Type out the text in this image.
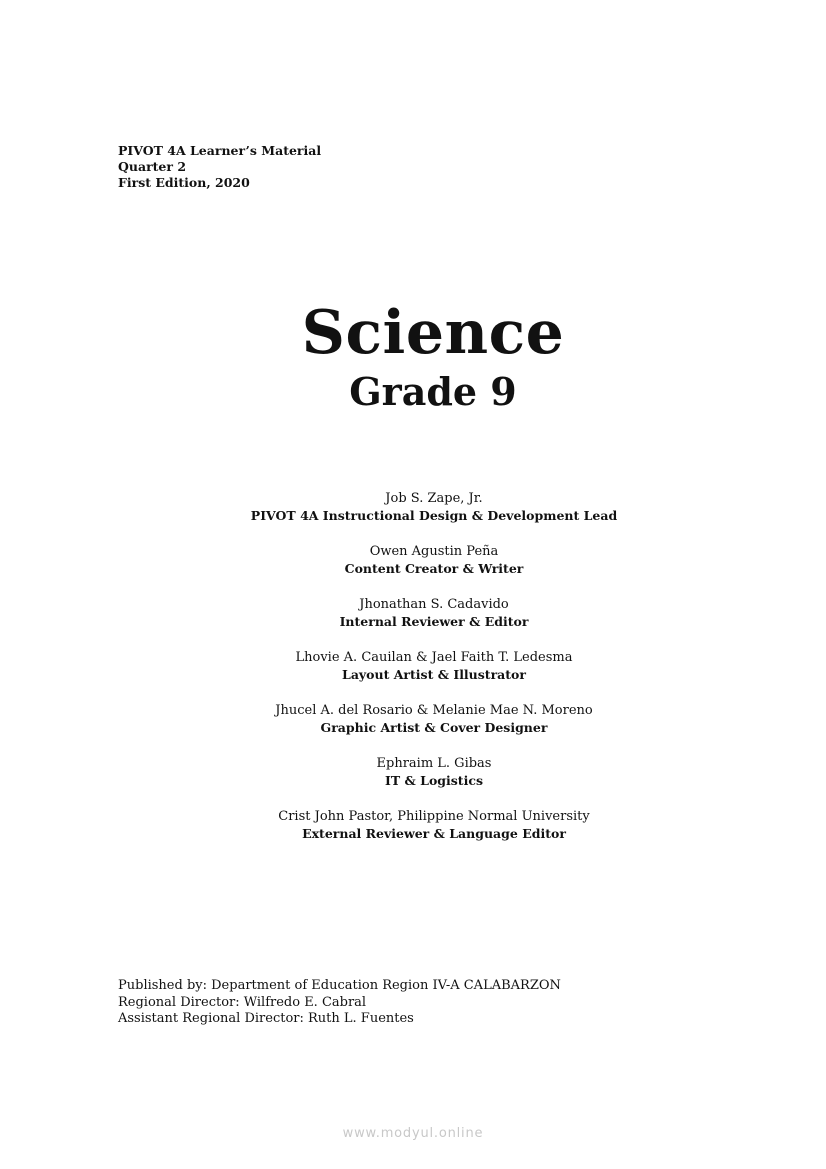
PIVOT 4A Learner’s Material
Quarter 2
First Edition, 2020
Science
Grade 9
Job S. Zape, Jr.
PIVOT 4A Instructional Design & Development Lead
Owen Agustin Peña
Content Creator & Writer
Jhonathan S. Cadavido
Internal Reviewer & Editor
Lhovie A. Cauilan & Jael Faith T. Ledesma
Layout Artist & Illustrator
Jhucel A. del Rosario & Melanie Mae N. Moreno
Graphic Artist & Cover Designer
Ephraim L. Gibas
IT & Logistics
Crist John Pastor, Philippine Normal University
External Reviewer & Language Editor
Published by: Department of Education Region IV-A CALABARZON
Regional Director: Wilfredo E. Cabral
Assistant Regional Director: Ruth L. Fuentes
www.modyul.online
